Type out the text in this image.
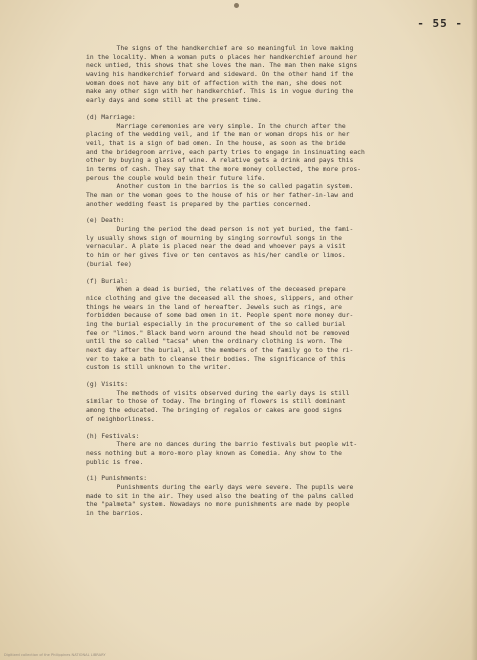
- 55 -
The signs of the handkerchief are so meaningful in love making
in the locality. When a woman puts o places her handkerchief around her
neck untied, this shows that she loves the man. The man then make signs
waving his handkerchief forward and sideward. On the other hand if the
woman does not have any bit of affection with the man, she does not
make any other sign with her handkerchief. This is in vogue during the
early days and some still at the present time.
(d) Marriage:
Marriage ceremonies are very simple. In the church after the
placing of the wedding veil, and if the man or woman drops his or her
veil, that is a sign of bad omen. In the house, as soon as the bride
and the bridegroom arrive, each party tries to engage in insinuating each
other by buying a glass of wine. A relative gets a drink and pays this
in terms of cash. They say that the more money collected, the more pros-
perous the couple would bein their future life.
Another custom in the barrios is the so called pagatin system.
The man or the woman goes to the house of his or her father-in-law and
another wedding feast is prepared by the parties concerned.
(e) Death:
During the period the dead person is not yet buried, the fami-
ly usually shows sign of mourning by singing sorrowful songs in the
vernacular. A plate is placed near the dead and whoever pays a visit
to him or her gives five or ten centavos as his/her candle or limos.
(burial fee)
(f) Burial:
When a dead is buried, the relatives of the deceased prepare
nice clothing and give the deceased all the shoes, slippers, and other
things he wears in the land of hereafter. Jewels such as rings, are
forbidden because of some bad omen in it. People spent more money dur-
ing the burial especially in the procurement of the so called burial
fee or "limos." Black band worn around the head should not be removed
until the so called "tacsa" when the ordinary clothing is worn. The
next day after the burial, all the members of the family go to the ri-
ver to take a bath to cleanse their bodies. The significance of this
custom is still unknown to the writer.
(g) Visits:
The methods of visits observed during the early days is still
similar to those of today. The bringing of flowers is still dominant
among the educated. The bringing of regalos or cakes are good signs
of neighborliness.
(h) Festivals:
There are no dances during the barrio festivals but people wit-
ness nothing but a moro-moro play known as Comedia. Any show to the
public is free.
(i) Punishments:
Punishments during the early days were severe. The pupils were
made to sit in the air. They used also the beating of the palms called
the "palmeta" system. Nowadays no more punishments are made by people
in the barrios.
Digitized collection of the Philippines NATIONAL LIBRARY
